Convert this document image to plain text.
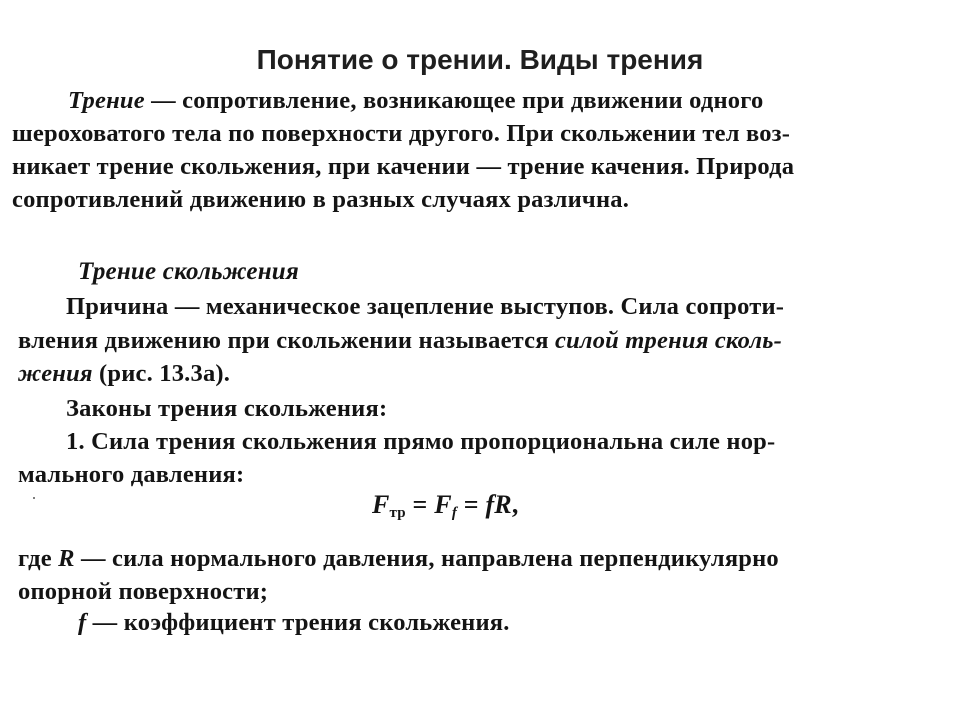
Понятие о трении. Виды трения

Трение — сопротивление, возникающее при движении одного

шероховатого тела по поверхности другого. При скольжении тел воз-

никает трение скольжения, при качении — трение качения. Природа

сопротивлений движению в разных случаях различна.

Трение скольжения

Причина — механическое зацепление выступов. Сила сопроти-

вления движению при скольжении называется силой трения сколь-

жения (рис. 13.3а).

Законы трения скольжения:

1. Сила трения скольжения прямо пропорциональна силе нор-

мального давления:

$F_{тр} = F_f$ = fR,

где R — сила нормального давления, направлена перпендикулярно

опорной поверхности;

f — коэффициент трения скольжения.
